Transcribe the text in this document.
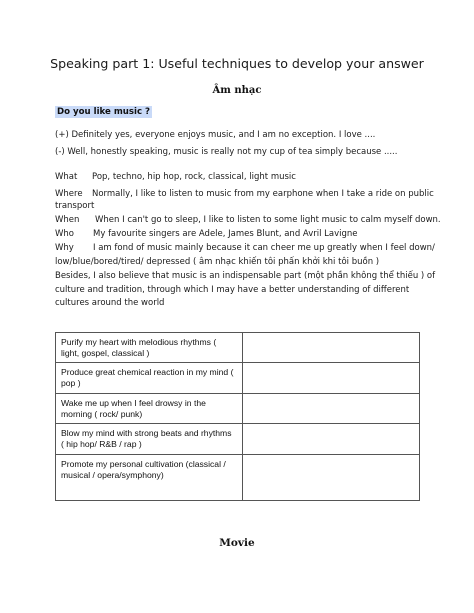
Speaking part 1: Useful techniques to develop your answer
Âm nhạc
Do you like music ?
(+) Definitely yes, everyone enjoys music, and I am no exception. I love ....
(-) Well, honestly speaking, music is really not my cup of tea simply because .....
What Pop, techno, hip hop, rock, classical, light music
Where Normally, I like to listen to music from my earphone when I take a ride on public
transport
When When I can't go to sleep, I like to listen to some light music to calm myself down.
Who My favourite singers are Adele, James Blunt, and Avril Lavigne
Why I am fond of music mainly because it can cheer me up greatly when I feel down/
low/blue/bored/tired/ depressed ( âm nhạc khiến tôi phấn khởi khi tôi buồn )
Besides, I also believe that music is an indispensable part (một phần không thể thiếu ) of
culture and tradition, through which I may have a better understanding of different
cultures around the world
Purify my heart with melodious rhythms (
light, gospel, classical )	

Produce great chemical reaction in my mind (
pop )	

Wake me up when I feel drowsy in the
morning ( rock/ punk)	

Blow my mind with strong beats and rhythms
( hip hop/ R&B / rap )	

Promote my personal cultivation (classical /
musical / opera/symphony)	

Movie
